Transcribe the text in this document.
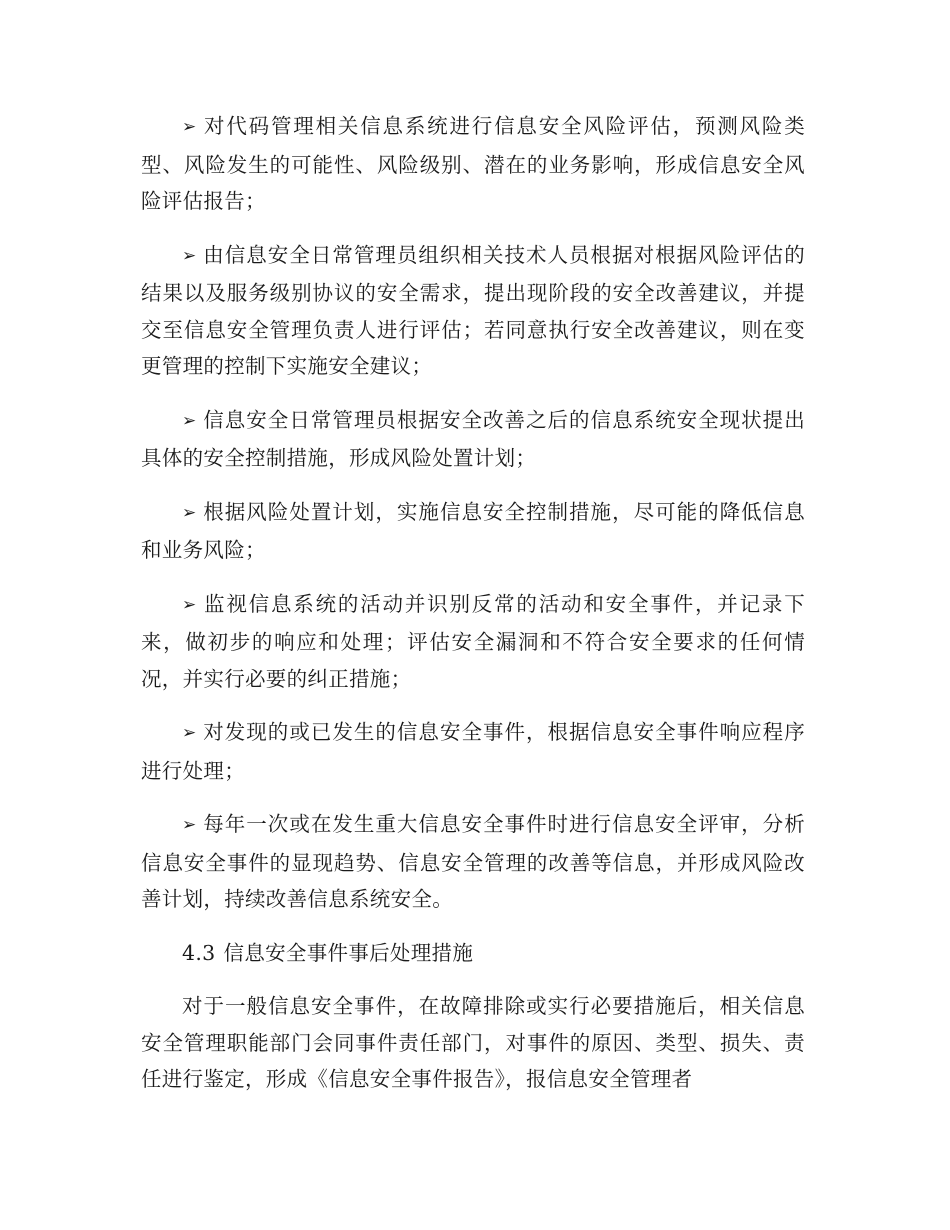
➢ 对代码管理相关信息系统进行信息安全风险评估，预测风险类型、风险发生的可能性、风险级别、潜在的业务影响，形成信息安全风险评估报告；

➢ 由信息安全日常管理员组织相关技术人员根据对根据风险评估的结果以及服务级别协议的安全需求，提出现阶段的安全改善建议，并提交至信息安全管理负责人进行评估；若同意执行安全改善建议，则在变更管理的控制下实施安全建议；

➢ 信息安全日常管理员根据安全改善之后的信息系统安全现状提出具体的安全控制措施，形成风险处置计划；

➢ 根据风险处置计划，实施信息安全控制措施，尽可能的降低信息和业务风险；

➢ 监视信息系统的活动并识别反常的活动和安全事件，并记录下来，做初步的响应和处理；评估安全漏洞和不符合安全要求的任何情况，并实行必要的纠正措施；

➢ 对发现的或已发生的信息安全事件，根据信息安全事件响应程序进行处理；

➢ 每年一次或在发生重大信息安全事件时进行信息安全评审，分析信息安全事件的显现趋势、信息安全管理的改善等信息，并形成风险改善计划，持续改善信息系统安全。

4.3 信息安全事件事后处理措施

对于一般信息安全事件，在故障排除或实行必要措施后，相关信息安全管理职能部门会同事件责任部门，对事件的原因、类型、损失、责任进行鉴定，形成《信息安全事件报告》，报信息安全管理者
